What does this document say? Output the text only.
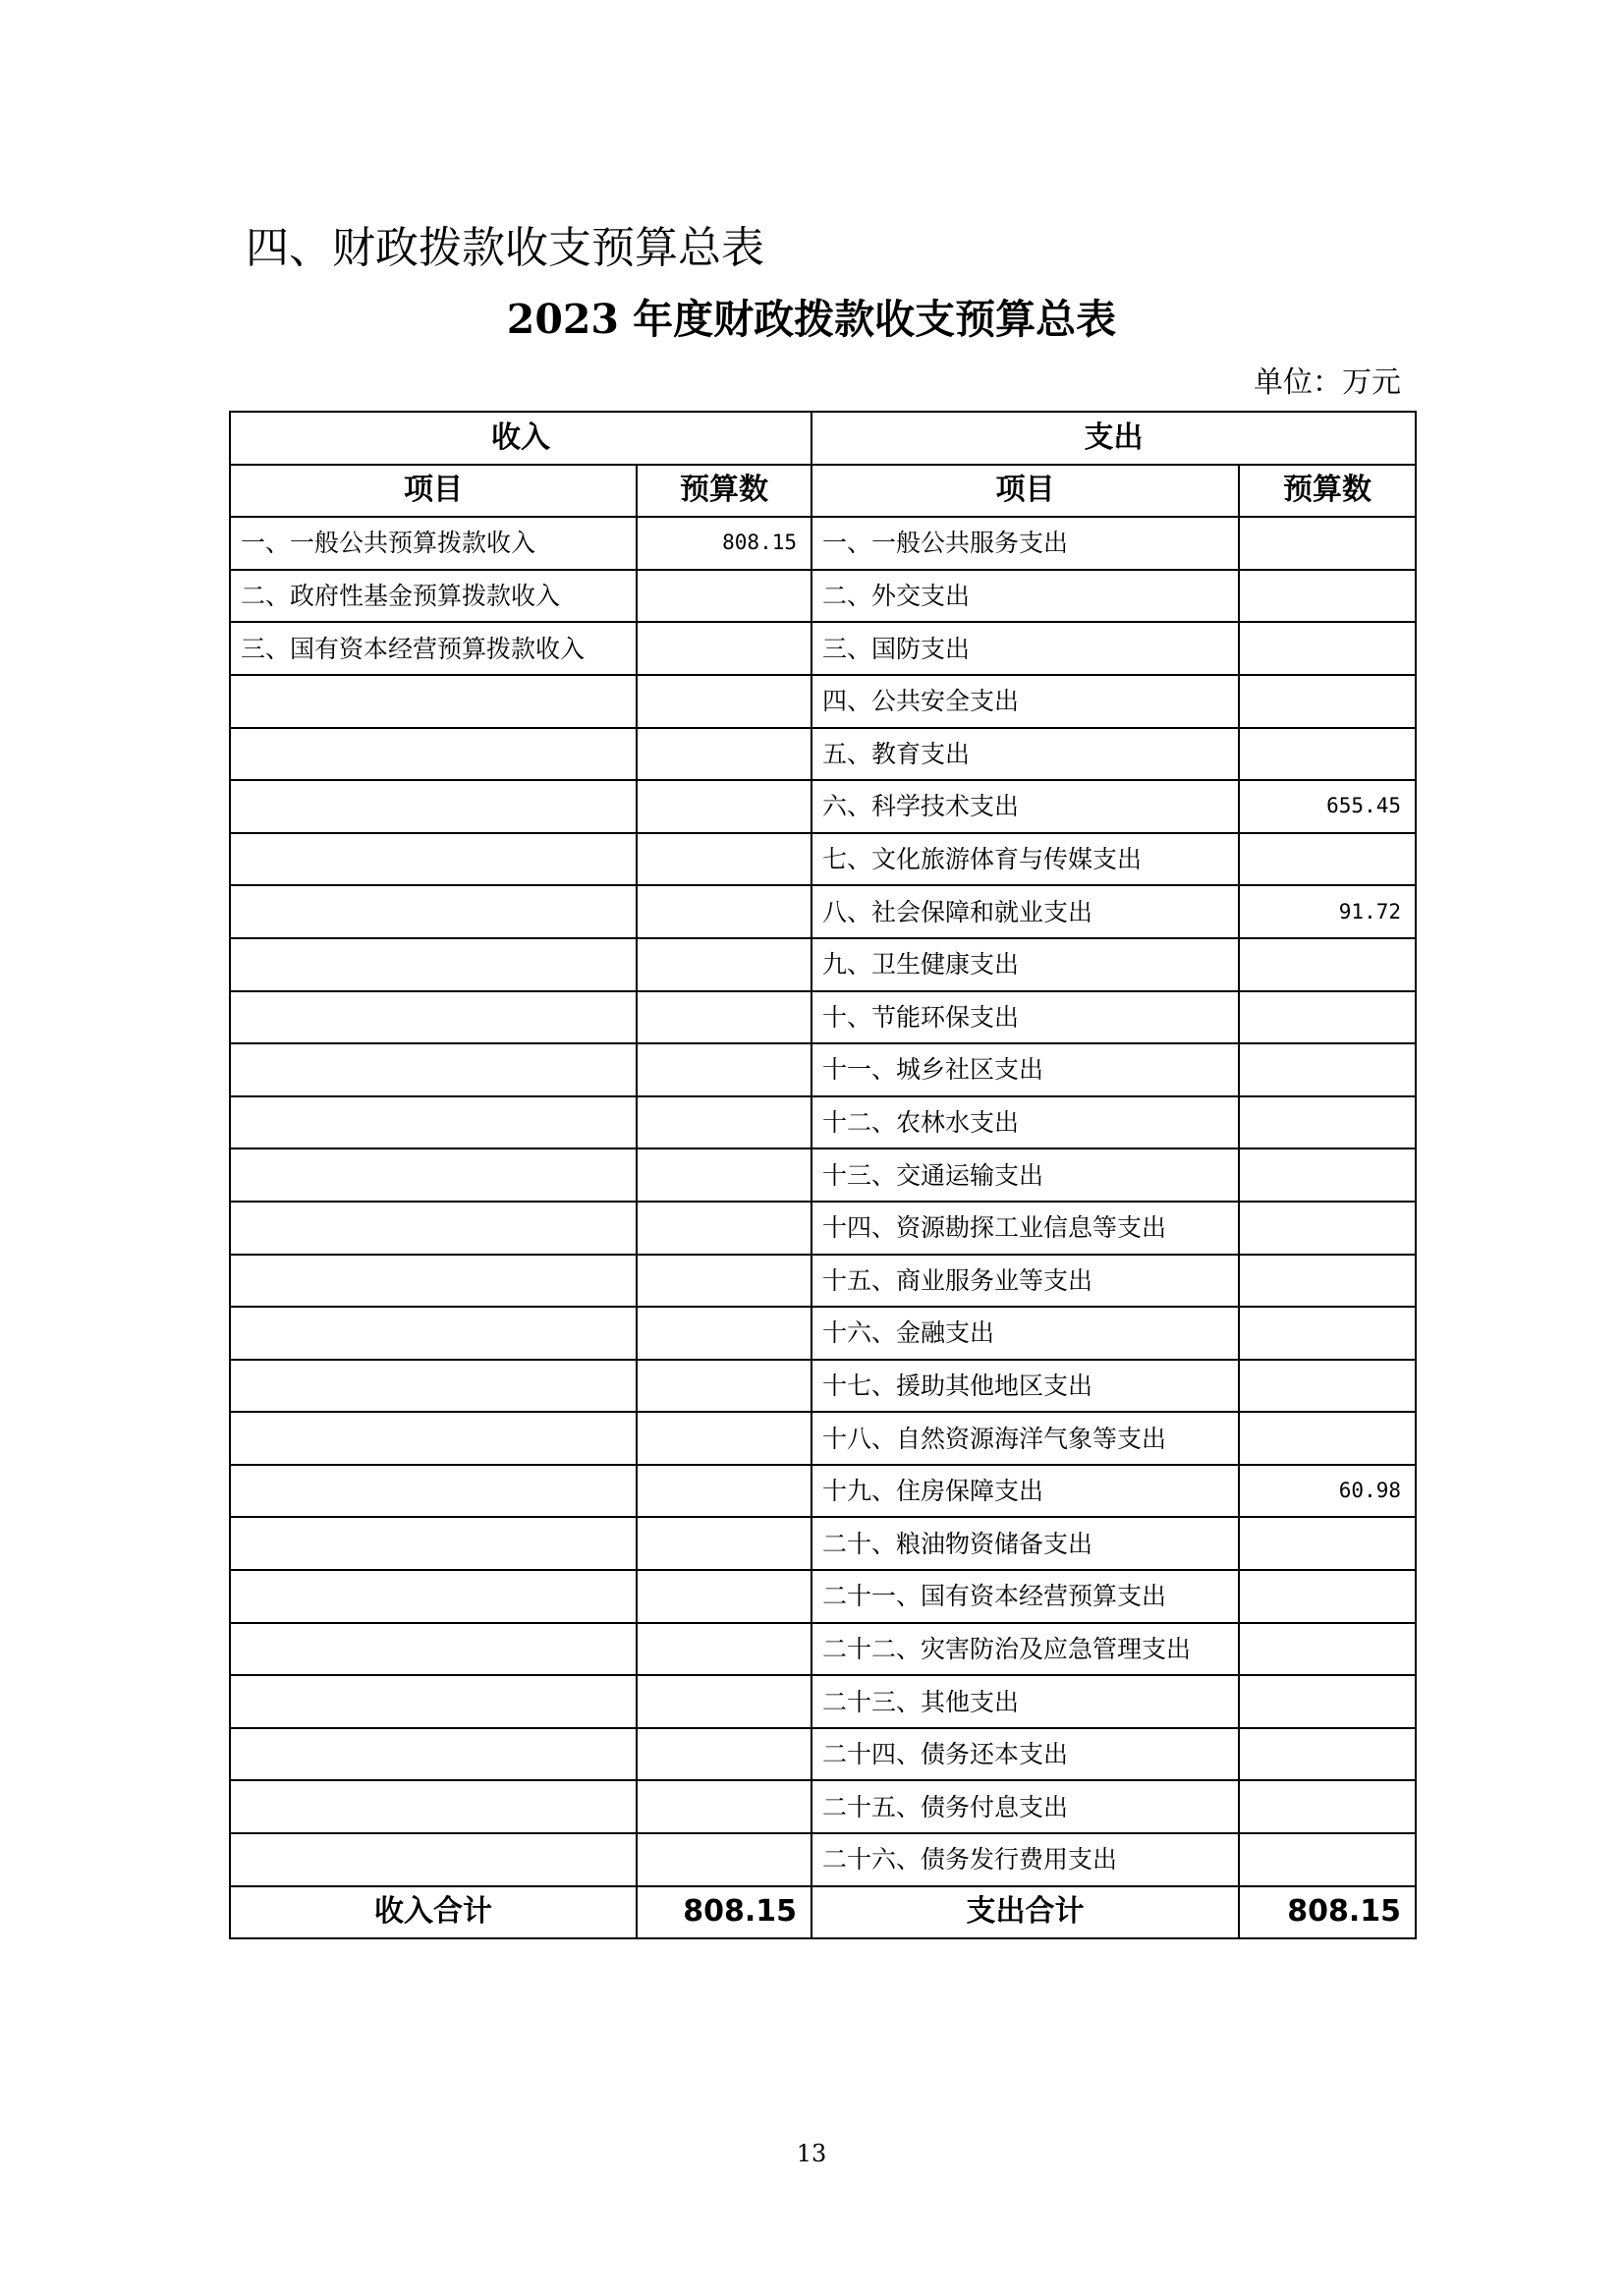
四、财政拨款收支预算总表
2023 年度财政拨款收支预算总表
单位：万元
收入		支出	
项目	预算数	项目	预算数
一、一般公共预算拨款收入	808.15	一、一般公共服务支出	
二、政府性基金预算拨款收入		二、外交支出	
三、国有资本经营预算拨款收入		三、国防支出	
		四、公共安全支出	
		五、教育支出	
		六、科学技术支出	655.45
		七、文化旅游体育与传媒支出	
		八、社会保障和就业支出	91.72
		九、卫生健康支出	
		十、节能环保支出	
		十一、城乡社区支出	
		十二、农林水支出	
		十三、交通运输支出	
		十四、资源勘探工业信息等支出	
		十五、商业服务业等支出	
		十六、金融支出	
		十七、援助其他地区支出	
		十八、自然资源海洋气象等支出	
		十九、住房保障支出	60.98
		二十、粮油物资储备支出	
		二十一、国有资本经营预算支出	
		二十二、灾害防治及应急管理支出	
		二十三、其他支出	
		二十四、债务还本支出	
		二十五、债务付息支出	
		二十六、债务发行费用支出	
收入合计	808.15	支出合计	808.15
13
